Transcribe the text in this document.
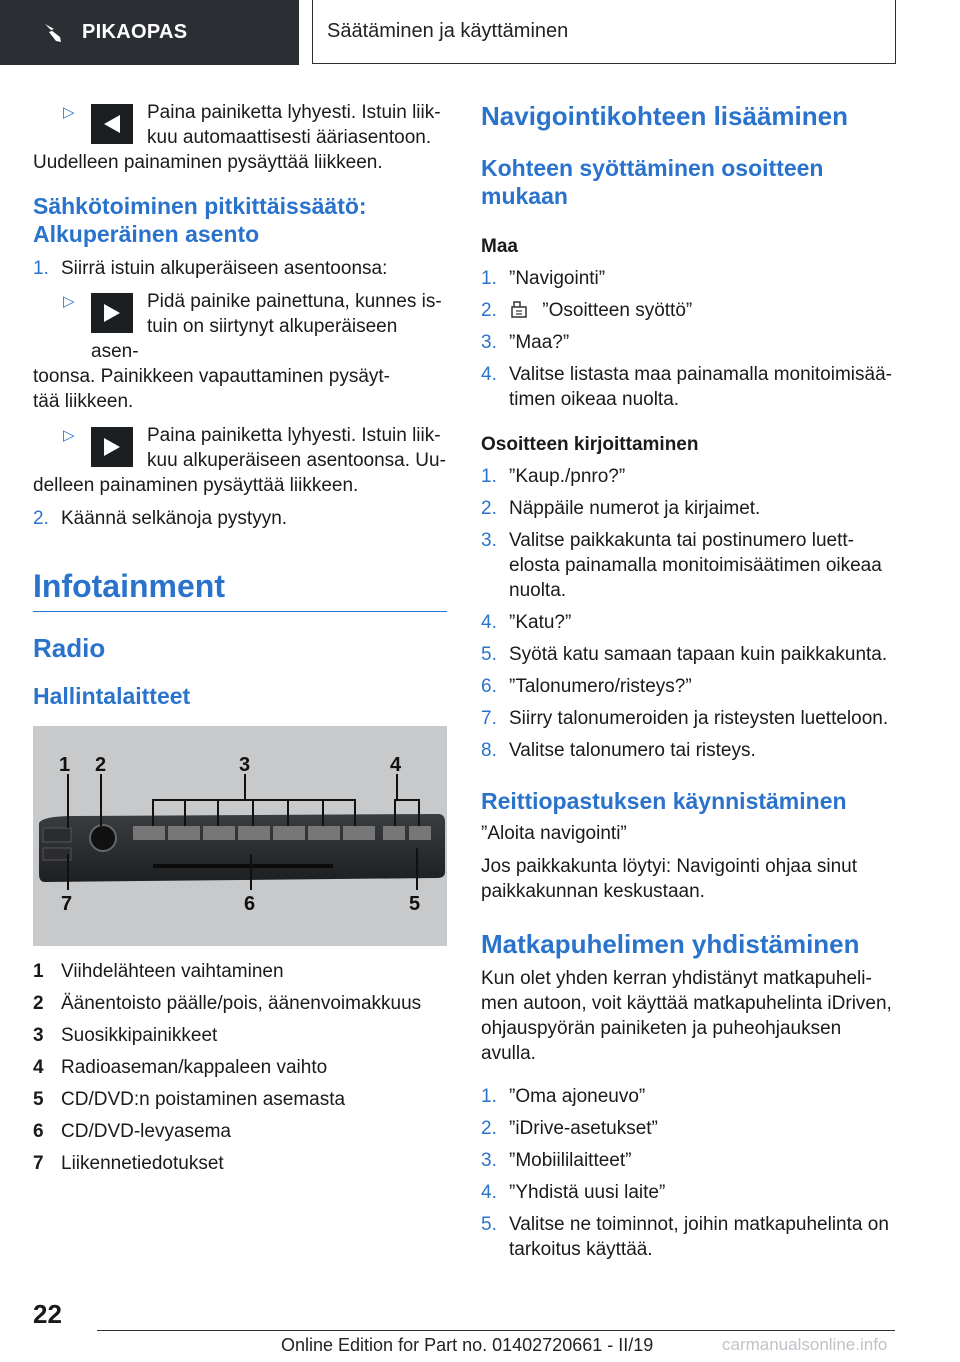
PIKAOPAS	Säätäminen ja käyttäminen
▷	Paina painiketta lyhyesti. Istuin liik-
kuu automaattisesti ääriasentoon.

Uudelleen painaminen pysäyttää liikkeen.
Sähkötoiminen pitkittäissäätö: Alkuperäinen asento
1. Siirrä istuin alkuperäiseen asentoonsa:
▷	Pidä painike painettuna, kunnes is-
tuin on siirtynyt alkuperäiseen asen-

toonsa. Painikkeen vapauttaminen pysäyt-
tää liikkeen.
▷	Paina painiketta lyhyesti. Istuin liik-
kuu alkuperäiseen asentoonsa. Uu-

delleen painaminen pysäyttää liikkeen.
2. Käännä selkänoja pystyyn.
Infotainment
Radio
Hallintalaitteet
1 2	3	4
7	6	5
1 Viihdelähteen vaihtaminen
2 Äänentoisto päälle/pois, äänenvoimakkuus
3 Suosikkipainikkeet
4 Radioaseman/kappaleen vaihto
5 CD/DVD:n poistaminen asemasta
6 CD/DVD-levyasema
7 Liikennetiedotukset
Navigointikohteen lisääminen
Kohteen syöttäminen osoitteen mukaan
Maa
1. ”Navigointi”
2. ”Osoitteen syöttö”
3. ”Maa?”
4. Valitse listasta maa painamalla monitoimisää-
timen oikeaa nuolta.
Osoitteen kirjoittaminen
1. ”Kaup./pnro?”
2. Näppäile numerot ja kirjaimet.
3. Valitse paikkakunta tai postinumero luett-
elosta painamalla monitoimisäätimen oikeaa
nuolta.
4. ”Katu?”
5. Syötä katu samaan tapaan kuin paikkakunta.
6. ”Talonumero/risteys?”
7. Siirry talonumeroiden ja risteysten luetteloon.
8. Valitse talonumero tai risteys.
Reittiopastuksen käynnistäminen
”Aloita navigointi”
Jos paikkakunta löytyi: Navigointi ohjaa sinut
paikkakunnan keskustaan.
Matkapuhelimen yhdistäminen
Kun olet yhden kerran yhdistänyt matkapuheli-
men autoon, voit käyttää matkapuhelinta iDriven,
ohjauspyörän painiketen ja puheohjauksen avulla.
1. ”Oma ajoneuvo”
2. ”iDrive-asetukset”
3. ”Mobiililaitteet”
4. ”Yhdistä uusi laite”
5. Valitse ne toiminnot, joihin matkapuhelinta on
tarkoitus käyttää.
22
Online Edition for Part no. 01402720661 - II/19	carmanualsonline.info
